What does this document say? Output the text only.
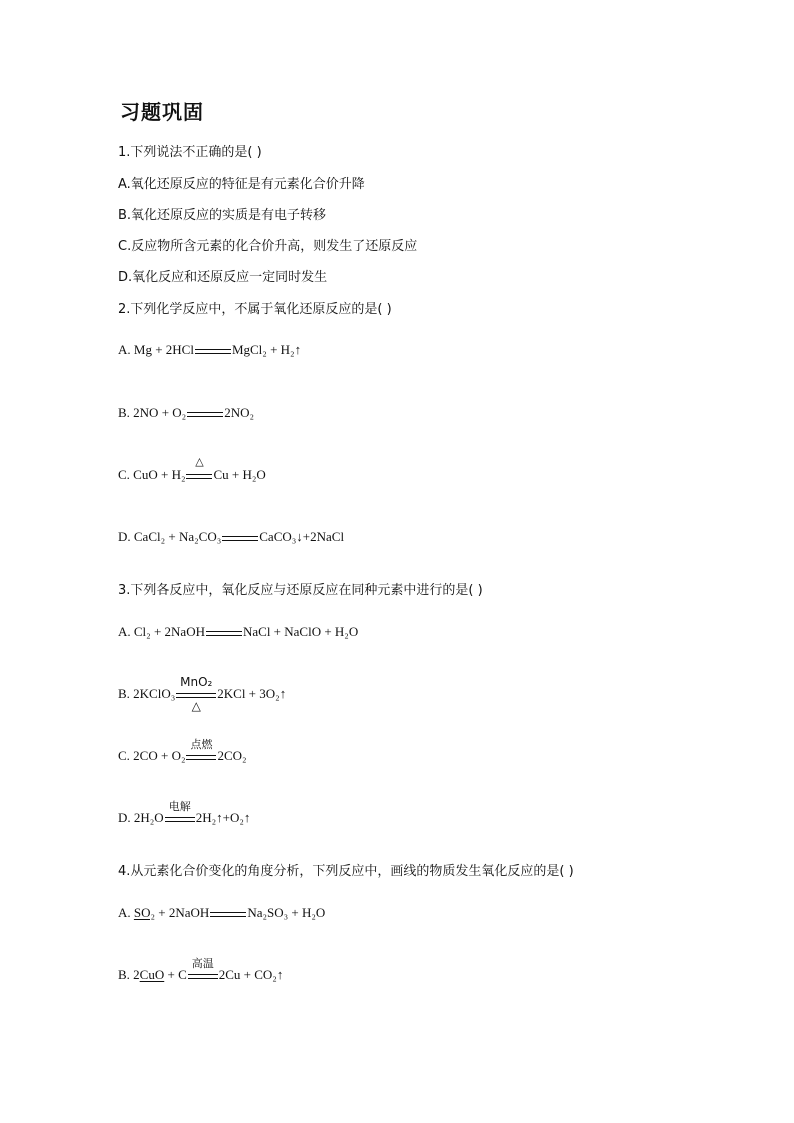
习题巩固
1.下列说法不正确的是( )
A.氧化还原反应的特征是有元素化合价升降
B.氧化还原反应的实质是有电子转移
C.反应物所含元素的化合价升高，则发生了还原反应
D.氧化反应和还原反应一定同时发生
2.下列化学反应中，不属于氧化还原反应的是( )
A. Mg + 2HCl	MgCl₂ + H₂↑
B. 2NO + O₂	2NO₂
C. CuO + H₂
△
Cu + H₂O
D. CaCl₂ + Na₂CO₃	CaCO₃↓+2NaCl
3.下列各反应中，氧化反应与还原反应在同种元素中进行的是( )
A. Cl₂ + 2NaOH	NaCl + NaClO + H₂O
B. 2KClO₃
MnO₂
△
2KCl + 3O₂↑
C. 2CO + O₂
点燃
2CO₂
D. 2H₂O
电解
2H₂↑+O₂↑
4.从元素化合价变化的角度分析，下列反应中，画线的物质发生氧化反应的是( )
A. SO₂ + 2NaOH	Na₂SO₃ + H₂O
B. 2CuO + C
高温
2Cu + CO₂↑
